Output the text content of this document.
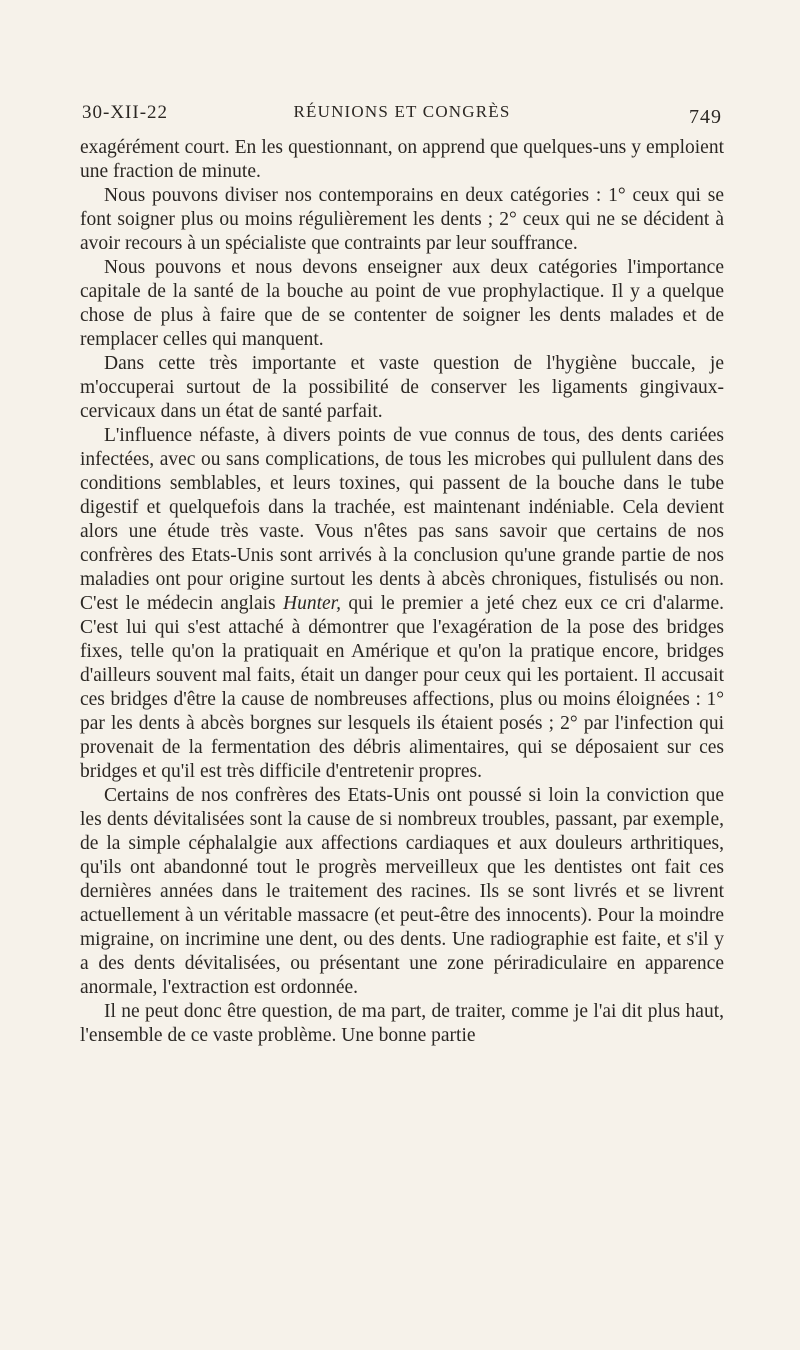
30-XII-22	RÉUNIONS ET CONGRÈS	749

exagérément court. En les questionnant, on apprend que quelques-uns y emploient une fraction de minute.

Nous pouvons diviser nos contemporains en deux catégories : 1° ceux qui se font soigner plus ou moins régulièrement les dents ; 2° ceux qui ne se décident à avoir recours à un spécialiste que contraints par leur souffrance.

Nous pouvons et nous devons enseigner aux deux catégories l'importance capitale de la santé de la bouche au point de vue prophylactique. Il y a quelque chose de plus à faire que de se contenter de soigner les dents malades et de remplacer celles qui manquent.

Dans cette très importante et vaste question de l'hygiène buccale, je m'occuperai surtout de la possibilité de conserver les ligaments gingivaux-cervicaux dans un état de santé parfait.

L'influence néfaste, à divers points de vue connus de tous, des dents cariées infectées, avec ou sans complications, de tous les microbes qui pullulent dans des conditions semblables, et leurs toxines, qui passent de la bouche dans le tube digestif et quelquefois dans la trachée, est maintenant indéniable. Cela devient alors une étude très vaste. Vous n'êtes pas sans savoir que certains de nos confrères des Etats-Unis sont arrivés à la conclusion qu'une grande partie de nos maladies ont pour origine surtout les dents à abcès chroniques, fistulisés ou non. C'est le médecin anglais Hunter, qui le premier a jeté chez eux ce cri d'alarme. C'est lui qui s'est attaché à démontrer que l'exagération de la pose des bridges fixes, telle qu'on la pratiquait en Amérique et qu'on la pratique encore, bridges d'ailleurs souvent mal faits, était un danger pour ceux qui les portaient. Il accusait ces bridges d'être la cause de nombreuses affections, plus ou moins éloignées : 1° par les dents à abcès borgnes sur lesquels ils étaient posés ; 2° par l'infection qui provenait de la fermentation des débris alimentaires, qui se déposaient sur ces bridges et qu'il est très difficile d'entretenir propres.

Certains de nos confrères des Etats-Unis ont poussé si loin la conviction que les dents dévitalisées sont la cause de si nombreux troubles, passant, par exemple, de la simple céphalalgie aux affections cardiaques et aux douleurs arthritiques, qu'ils ont abandonné tout le progrès merveilleux que les dentistes ont fait ces dernières années dans le traitement des racines. Ils se sont livrés et se livrent actuellement à un véritable massacre (et peut-être des innocents). Pour la moindre migraine, on incrimine une dent, ou des dents. Une radiographie est faite, et s'il y a des dents dévitalisées, ou présentant une zone périradiculaire en apparence anormale, l'extraction est ordonnée.

Il ne peut donc être question, de ma part, de traiter, comme je l'ai dit plus haut, l'ensemble de ce vaste problème. Une bonne partie
